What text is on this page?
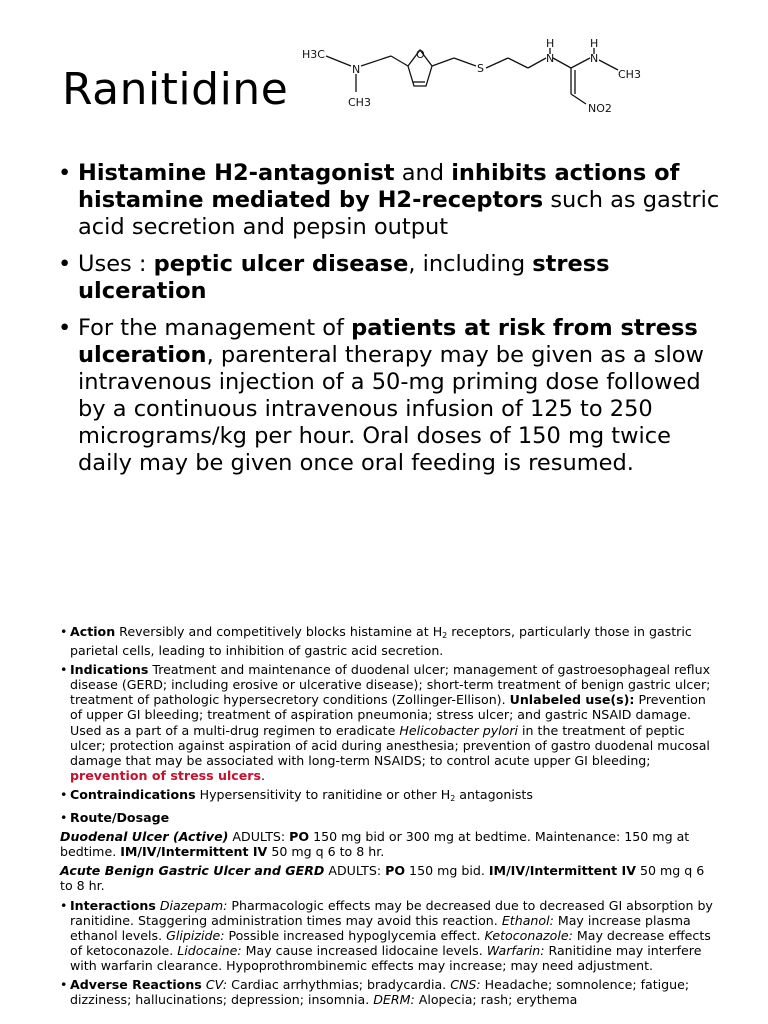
Ranitidine
H3C
N
CH3
O
S
N
H	H
N
CH3
NO2
• Histamine H2-antagonist and inhibits actions of histamine mediated by H2-receptors such as gastric acid secretion and pepsin output
• Uses : peptic ulcer disease, including stress ulceration
• For the management of patients at risk from stress ulceration, parenteral therapy may be given as a slow intravenous injection of a 50-mg priming dose followed by a continuous intravenous infusion of 125 to 250 micrograms/kg per hour. Oral doses of 150 mg twice daily may be given once oral feeding is resumed.

• Action Reversibly and competitively blocks histamine at $H_2$ receptors, particularly those in gastric parietal cells, leading to inhibition of gastric acid secretion.

• Indications Treatment and maintenance of duodenal ulcer; management of gastroesophageal reflux disease (GERD; including erosive or ulcerative disease); short-term treatment of benign gastric ulcer; treatment of pathologic hypersecretory conditions (Zollinger-Ellison). Unlabeled use(s): Prevention of upper GI bleeding; treatment of aspiration pneumonia; stress ulcer; and gastric NSAID damage. Used as a part of a multi-drug regimen to eradicate Helicobacter pylori in the treatment of peptic ulcer; protection against aspiration of acid during anesthesia; prevention of gastro duodenal mucosal damage that may be associated with long-term NSAIDS; to control acute upper GI bleeding; prevention of stress ulcers.

• Contraindications Hypersensitivity to ranitidine or other $H_2$ antagonists

• Route/Dosage

Duodenal Ulcer (Active) ADULTS: PO 150 mg bid or 300 mg at bedtime. Maintenance: 150 mg at bedtime. IM/IV/Intermittent IV 50 mg q 6 to 8 hr.

Acute Benign Gastric Ulcer and GERD ADULTS: PO 150 mg bid. IM/IV/Intermittent IV 50 mg q 6 to 8 hr.

• Interactions Diazepam: Pharmacologic effects may be decreased due to decreased GI absorption by ranitidine. Staggering administration times may avoid this reaction. Ethanol: May increase plasma ethanol levels. Glipizide: Possible increased hypoglycemia effect. Ketoconazole: May decrease effects of ketoconazole. Lidocaine: May cause increased lidocaine levels. Warfarin: Ranitidine may interfere with warfarin clearance. Hypoprothrombinemic effects may increase; may need adjustment.

• Adverse Reactions CV: Cardiac arrhythmias; bradycardia. CNS: Headache; somnolence; fatigue; dizziness; hallucinations; depression; insomnia. DERM: Alopecia; rash; erythema
